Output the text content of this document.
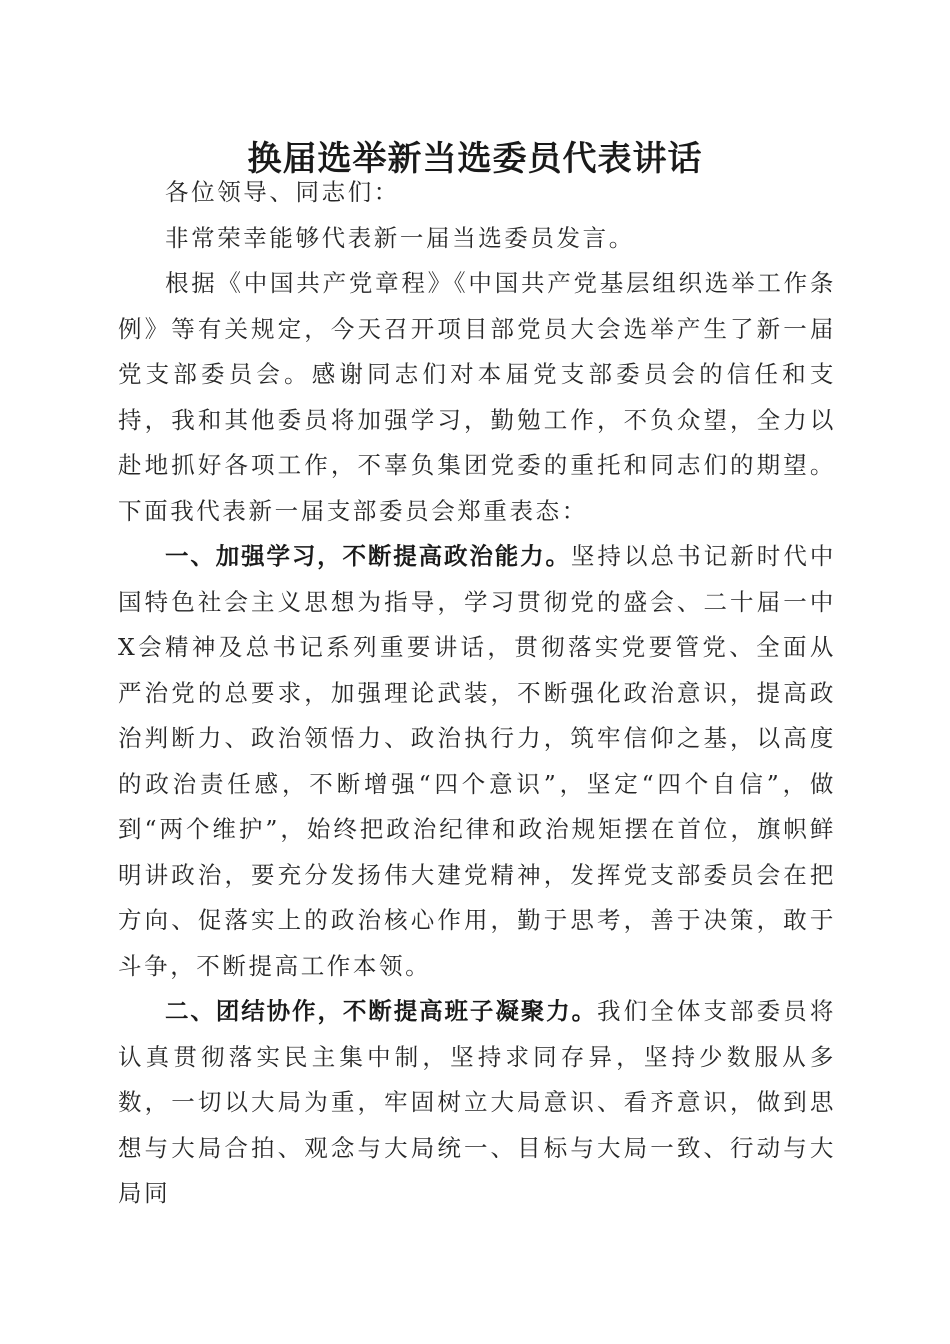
换届选举新当选委员代表讲话

各位领导、同志们：

非常荣幸能够代表新一届当选委员发言。

根据《中国共产党章程》《中国共产党基层组织选举工作条例》等有关规定，今天召开项目部党员大会选举产生了新一届党支部委员会。感谢同志们对本届党支部委员会的信任和支持，我和其他委员将加强学习，勤勉工作，不负众望，全力以赴地抓好各项工作，不辜负集团党委的重托和同志们的期望。下面我代表新一届支部委员会郑重表态：

一、加强学习，不断提高政治能力。坚持以总书记新时代中国特色社会主义思想为指导，学习贯彻党的盛会、二十届一中X会精神及总书记系列重要讲话，贯彻落实党要管党、全面从严治党的总要求，加强理论武装，不断强化政治意识，提高政治判断力、政治领悟力、政治执行力，筑牢信仰之基，以高度的政治责任感，不断增强“四个意识”，坚定“四个自信”，做到“两个维护”，始终把政治纪律和政治规矩摆在首位，旗帜鲜明讲政治，要充分发扬伟大建党精神，发挥党支部委员会在把方向、促落实上的政治核心作用，勤于思考，善于决策，敢于斗争，不断提高工作本领。

二、团结协作，不断提高班子凝聚力。我们全体支部委员将认真贯彻落实民主集中制，坚持求同存异，坚持少数服从多数，一切以大局为重，牢固树立大局意识、看齐意识，做到思想与大局合拍、观念与大局统一、目标与大局一致、行动与大局同
